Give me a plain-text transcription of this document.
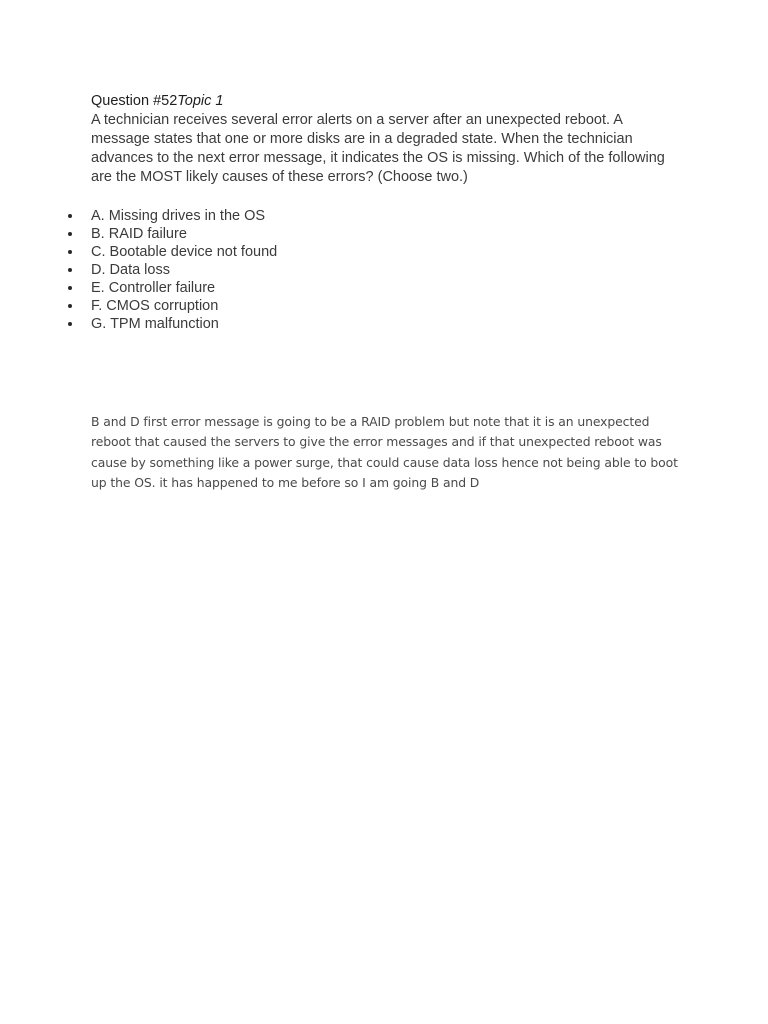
Question #52Topic 1
A technician receives several error alerts on a server after an unexpected reboot. A message states that one or more disks are in a degraded state. When the technician advances to the next error message, it indicates the OS is missing. Which of the following are the MOST likely causes of these errors? (Choose two.)
A. Missing drives in the OS
B. RAID failure
C. Bootable device not found
D. Data loss
E. Controller failure
F. CMOS corruption
G. TPM malfunction
B and D first error message is going to be a RAID problem but note that it is an unexpected reboot that caused the servers to give the error messages and if that unexpected reboot was cause by something like a power surge, that could cause data loss hence not being able to boot up the OS. it has happened to me before so I am going B and D
